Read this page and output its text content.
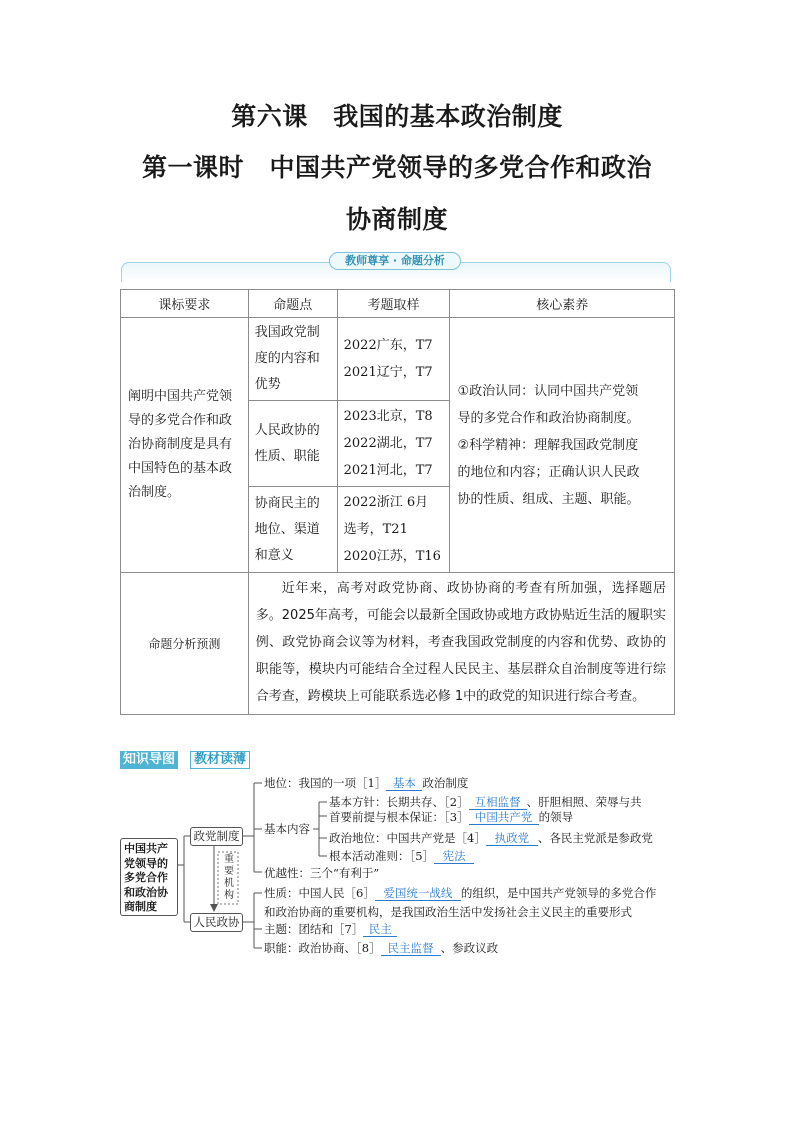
第六课　我国的基本政治制度
第一课时　中国共产党领导的多党合作和政治
协商制度
教师尊享 · 命题分析
课标要求	命题点	考题取样	核心素养

阐明中国共产党领
导的多党合作和政
治协商制度是具有
中国特色的基本政
治制度。	我国政党制
度的内容和
优势	2022广东，T7
2021辽宁，T7	①政治认同：认同中国共产党领
导的多党合作和政治协商制度。
②科学精神：理解我国政党制度
的地位和内容；正确认识人民政
协的性质、组成、主题、职能。

	人民政协的
性质、职能	2023北京，T8
2022湖北，T7
2021河北，T7	

	协商民主的
地位、渠道
和意义	2022浙江 6月
选考，T21
2020江苏，T16	

命题分析预测	近年来，高考对政党协商、政协协商的考查有所加强，选择题居多。2025年高考，可能会以最新全国政协或地方政协贴近生活的履职实例、政党协商会议等为材料，考查我国政党制度的内容和优势、政协的职能等，模块内可能结合全过程人民民主、基层群众自治制度等进行综合考查，跨模块上可能联系选必修 1中的政党的知识进行综合考查。		
知识导图	教材读薄
中国共产
党领导的
多党合作
和政治协
商制度
政党制度
人民政协
重
要
机
构
地位：我国的一项［1］ 基本 政治制度
基本内容
基本方针：长期共存、［2］ 互相监督 、肝胆相照、荣辱与共
首要前提与根本保证：［3］ 中国共产党 的领导
政治地位：中国共产党是［4］ 执政党 、各民主党派是参政党
根本活动准则：［5］ 宪法
优越性：三个“有利于”
性质：中国人民［6］ 爱国统一战线 的组织，是中国共产党领导的多党合作
和政治协商的重要机构，是我国政治生活中发扬社会主义民主的重要形式
主题：团结和［7］ 民主
职能：政治协商、［8］ 民主监督 、参政议政
